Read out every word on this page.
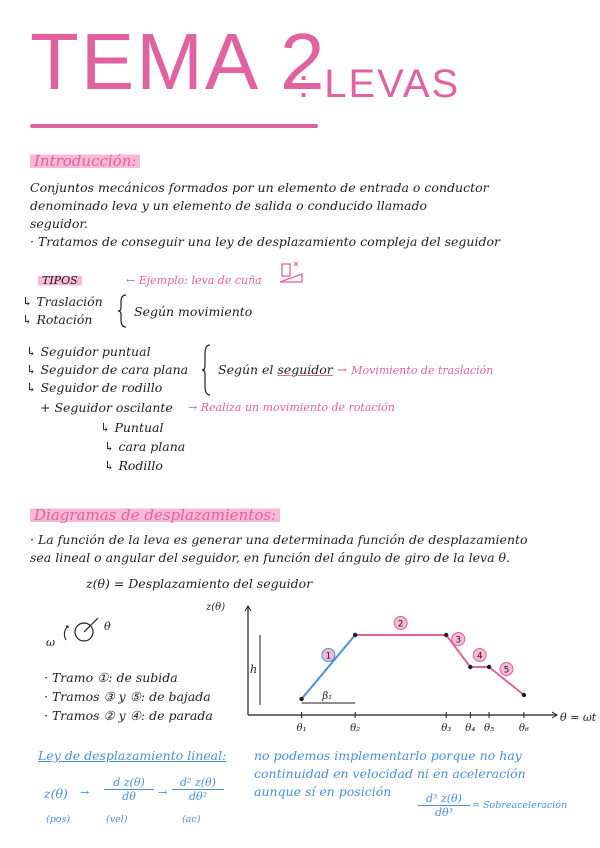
TEMA 2
: LEVAS
Introducción:
Conjuntos mecánicos formados por un elemento de entrada o conductor
denominado leva y un elemento de salida o conducido llamado
seguidor.
· Tratamos de conseguir una ley de desplazamiento compleja del seguidor
TIPOS	← Ejemplo: leva de cuña
↳ Traslación
↳ Rotación
Según movimiento
↳ Seguidor puntual
↳ Seguidor de cara plana
↳ Seguidor de rodillo
Según el seguidor → Movimiento de traslación
+ Seguidor oscilante → Realiza un movimiento de rotación
↳ Puntual
↳ cara plana
↳ Rodillo
Diagramas de desplazamientos:
· La función de la leva es generar una determinada función de desplazamiento
sea lineal o angular del seguidor, en función del ángulo de giro de la leva θ.
z(θ) = Desplazamiento del seguidor
θ
ω
· Tramo ①: de subida
· Tramos ③ y ⑤: de bajada
· Tramos ② y ④: de parada
z(θ)
θ = ωt
h
β₁
1
2
3
4
5
θ₁	θ₂	θ₃ θ₄ θ₅ θ₆
Ley de desplazamiento lineal: no podemos implementarlo porque no hay
continuidad en velocidad ni en aceleración
aunque sí en posición
z(θ) →
d z(θ)
dθ	→
d² z(θ)
dθ²
(pos)	(vel)	(ac)
d³ z(θ)
dθ³
= Sobreaceleración
